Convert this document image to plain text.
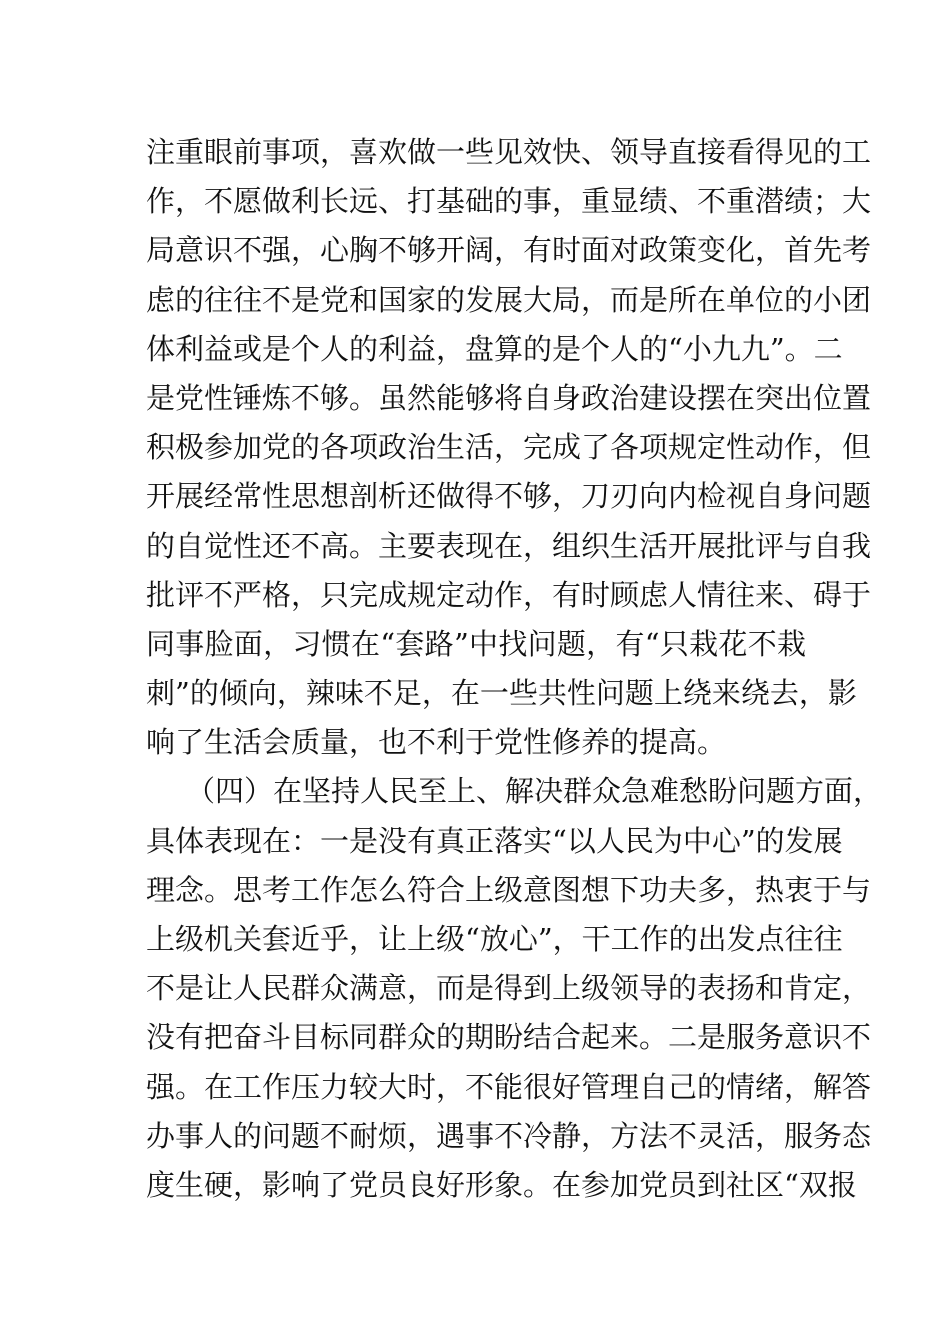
注重眼前事项，喜欢做一些见效快、领导直接看得见的工
作，不愿做利长远、打基础的事，重显绩、不重潜绩；大
局意识不强，心胸不够开阔，有时面对政策变化，首先考
虑的往往不是党和国家的发展大局，而是所在单位的小团
体利益或是个人的利益，盘算的是个人的“小九九”。二
是党性锤炼不够。虽然能够将自身政治建设摆在突出位置
积极参加党的各项政治生活，完成了各项规定性动作，但
开展经常性思想剖析还做得不够，刀刃向内检视自身问题
的自觉性还不高。主要表现在，组织生活开展批评与自我
批评不严格，只完成规定动作，有时顾虑人情往来、碍于
同事脸面，习惯在“套路”中找问题，有“只栽花不栽
刺”的倾向，辣味不足，在一些共性问题上绕来绕去，影
响了生活会质量，也不利于党性修养的提高。
（四）在坚持人民至上、解决群众急难愁盼问题方面，
具体表现在：一是没有真正落实“以人民为中心”的发展
理念。思考工作怎么符合上级意图想下功夫多，热衷于与
上级机关套近乎，让上级“放心”，干工作的出发点往往
不是让人民群众满意，而是得到上级领导的表扬和肯定，
没有把奋斗目标同群众的期盼结合起来。二是服务意识不
强。在工作压力较大时，不能很好管理自己的情绪，解答
办事人的问题不耐烦，遇事不冷静，方法不灵活，服务态
度生硬，影响了党员良好形象。在参加党员到社区“双报
